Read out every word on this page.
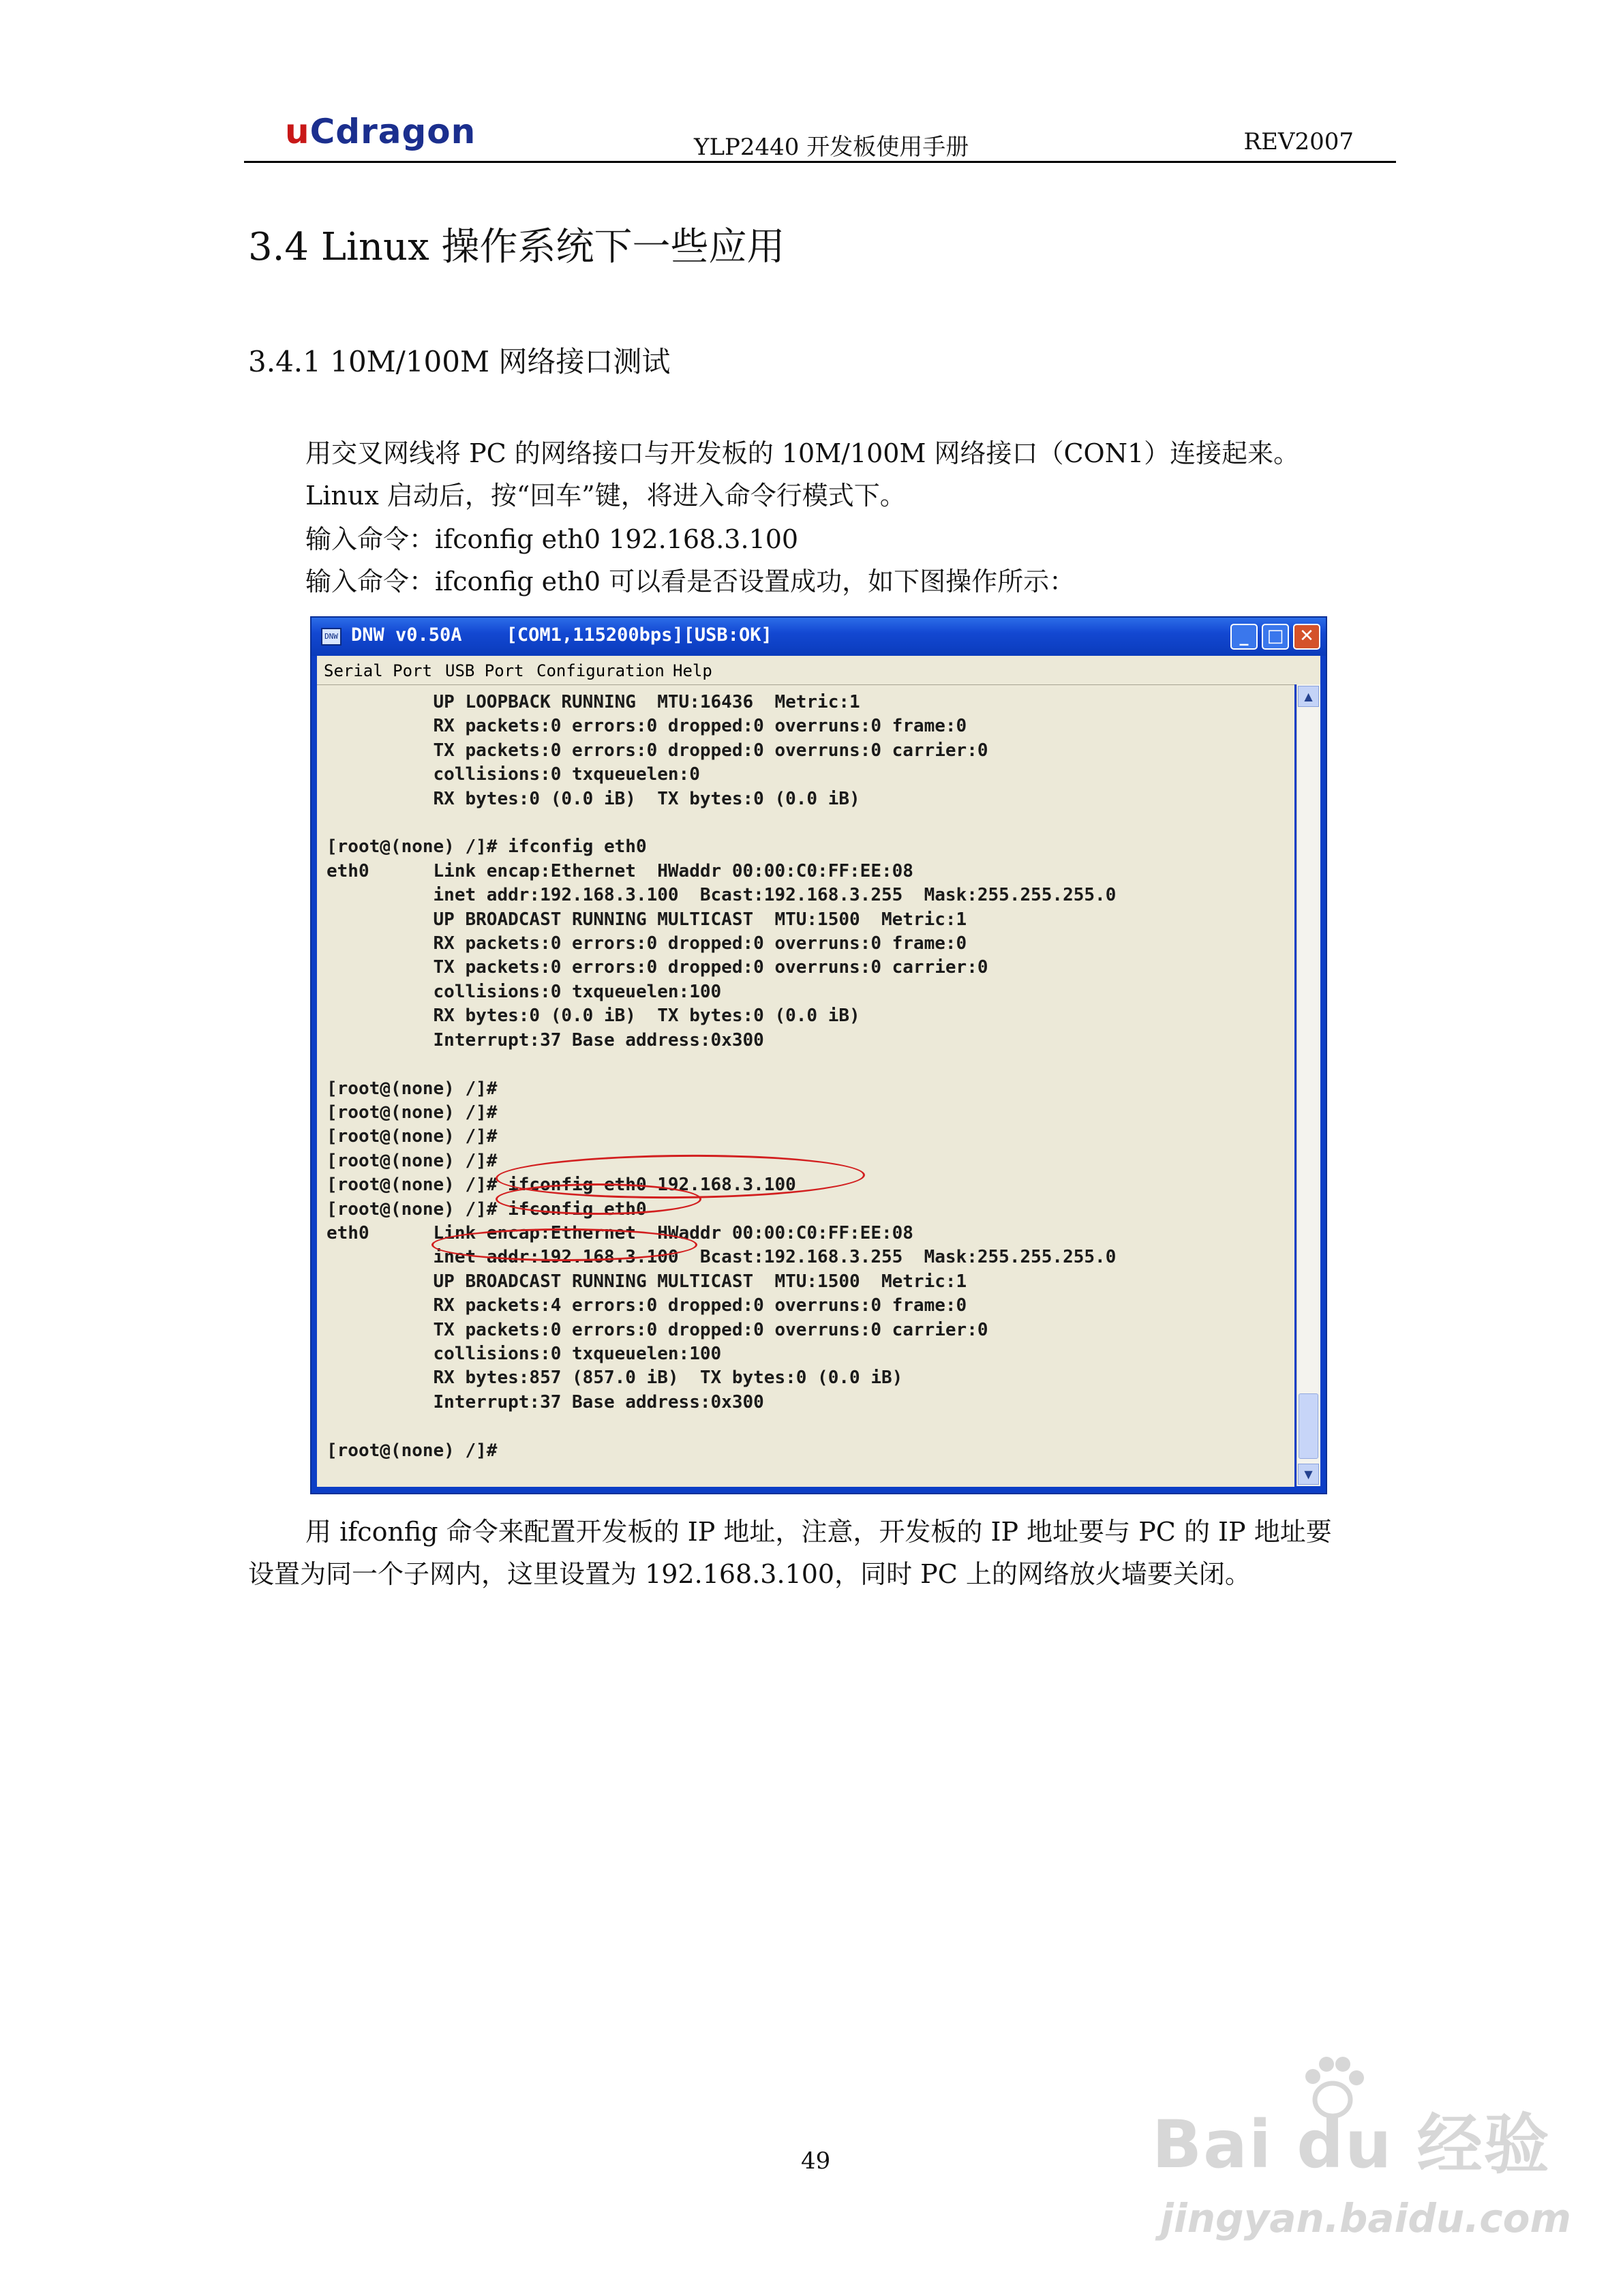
uCdragon	YLP2440 开发板使用手册	REV2007
3.4 Linux 操作系统下一些应用
3.4.1 10M/100M 网络接口测试
用交叉网线将 PC 的网络接口与开发板的 10M/100M 网络接口（CON1）连接起来。
Linux 启动后，按“回车”键，将进入命令行模式下。
输入命令：ifconfig eth0 192.168.3.100
输入命令：ifconfig eth0 可以看是否设置成功，如下图操作所示：
DNW DNW v0.50A    [COM1,115200bps][USB:OK]	_	□ ✕
Serial Port USB Port Configuration Help
UP LOOPBACK RUNNING  MTU:16436  Metric:1
RX packets:0 errors:0 dropped:0 overruns:0 frame:0
TX packets:0 errors:0 dropped:0 overruns:0 carrier:0
collisions:0 txqueuelen:0
RX bytes:0 (0.0 iB)  TX bytes:0 (0.0 iB)

[root@(none) /]# ifconfig eth0
eth0      Link encap:Ethernet  HWaddr 00:00:C0:FF:EE:08
inet addr:192.168.3.100  Bcast:192.168.3.255  Mask:255.255.255.0
UP BROADCAST RUNNING MULTICAST  MTU:1500  Metric:1
RX packets:0 errors:0 dropped:0 overruns:0 frame:0
TX packets:0 errors:0 dropped:0 overruns:0 carrier:0
collisions:0 txqueuelen:100
RX bytes:0 (0.0 iB)  TX bytes:0 (0.0 iB)
Interrupt:37 Base address:0x300

[root@(none) /]#
[root@(none) /]#
[root@(none) /]#
[root@(none) /]#
[root@(none) /]# ifconfig eth0 192.168.3.100
[root@(none) /]# ifconfig eth0
eth0      Link encap:Ethernet  HWaddr 00:00:C0:FF:EE:08
inet addr:192.168.3.100  Bcast:192.168.3.255  Mask:255.255.255.0
UP BROADCAST RUNNING MULTICAST  MTU:1500  Metric:1
RX packets:4 errors:0 dropped:0 overruns:0 frame:0
TX packets:0 errors:0 dropped:0 overruns:0 carrier:0
collisions:0 txqueuelen:100
RX bytes:857 (857.0 iB)  TX bytes:0 (0.0 iB)
Interrupt:37 Base address:0x300

[root@(none) /]#

▲
▼
用 ifconfig 命令来配置开发板的 IP 地址，注意，开发板的 IP 地址要与 PC 的 IP 地址要
设置为同一个子网内，这里设置为 192.168.3.100，同时 PC 上的网络放火墙要关闭。
49	Bai du 经验
jingyan.baidu.com
